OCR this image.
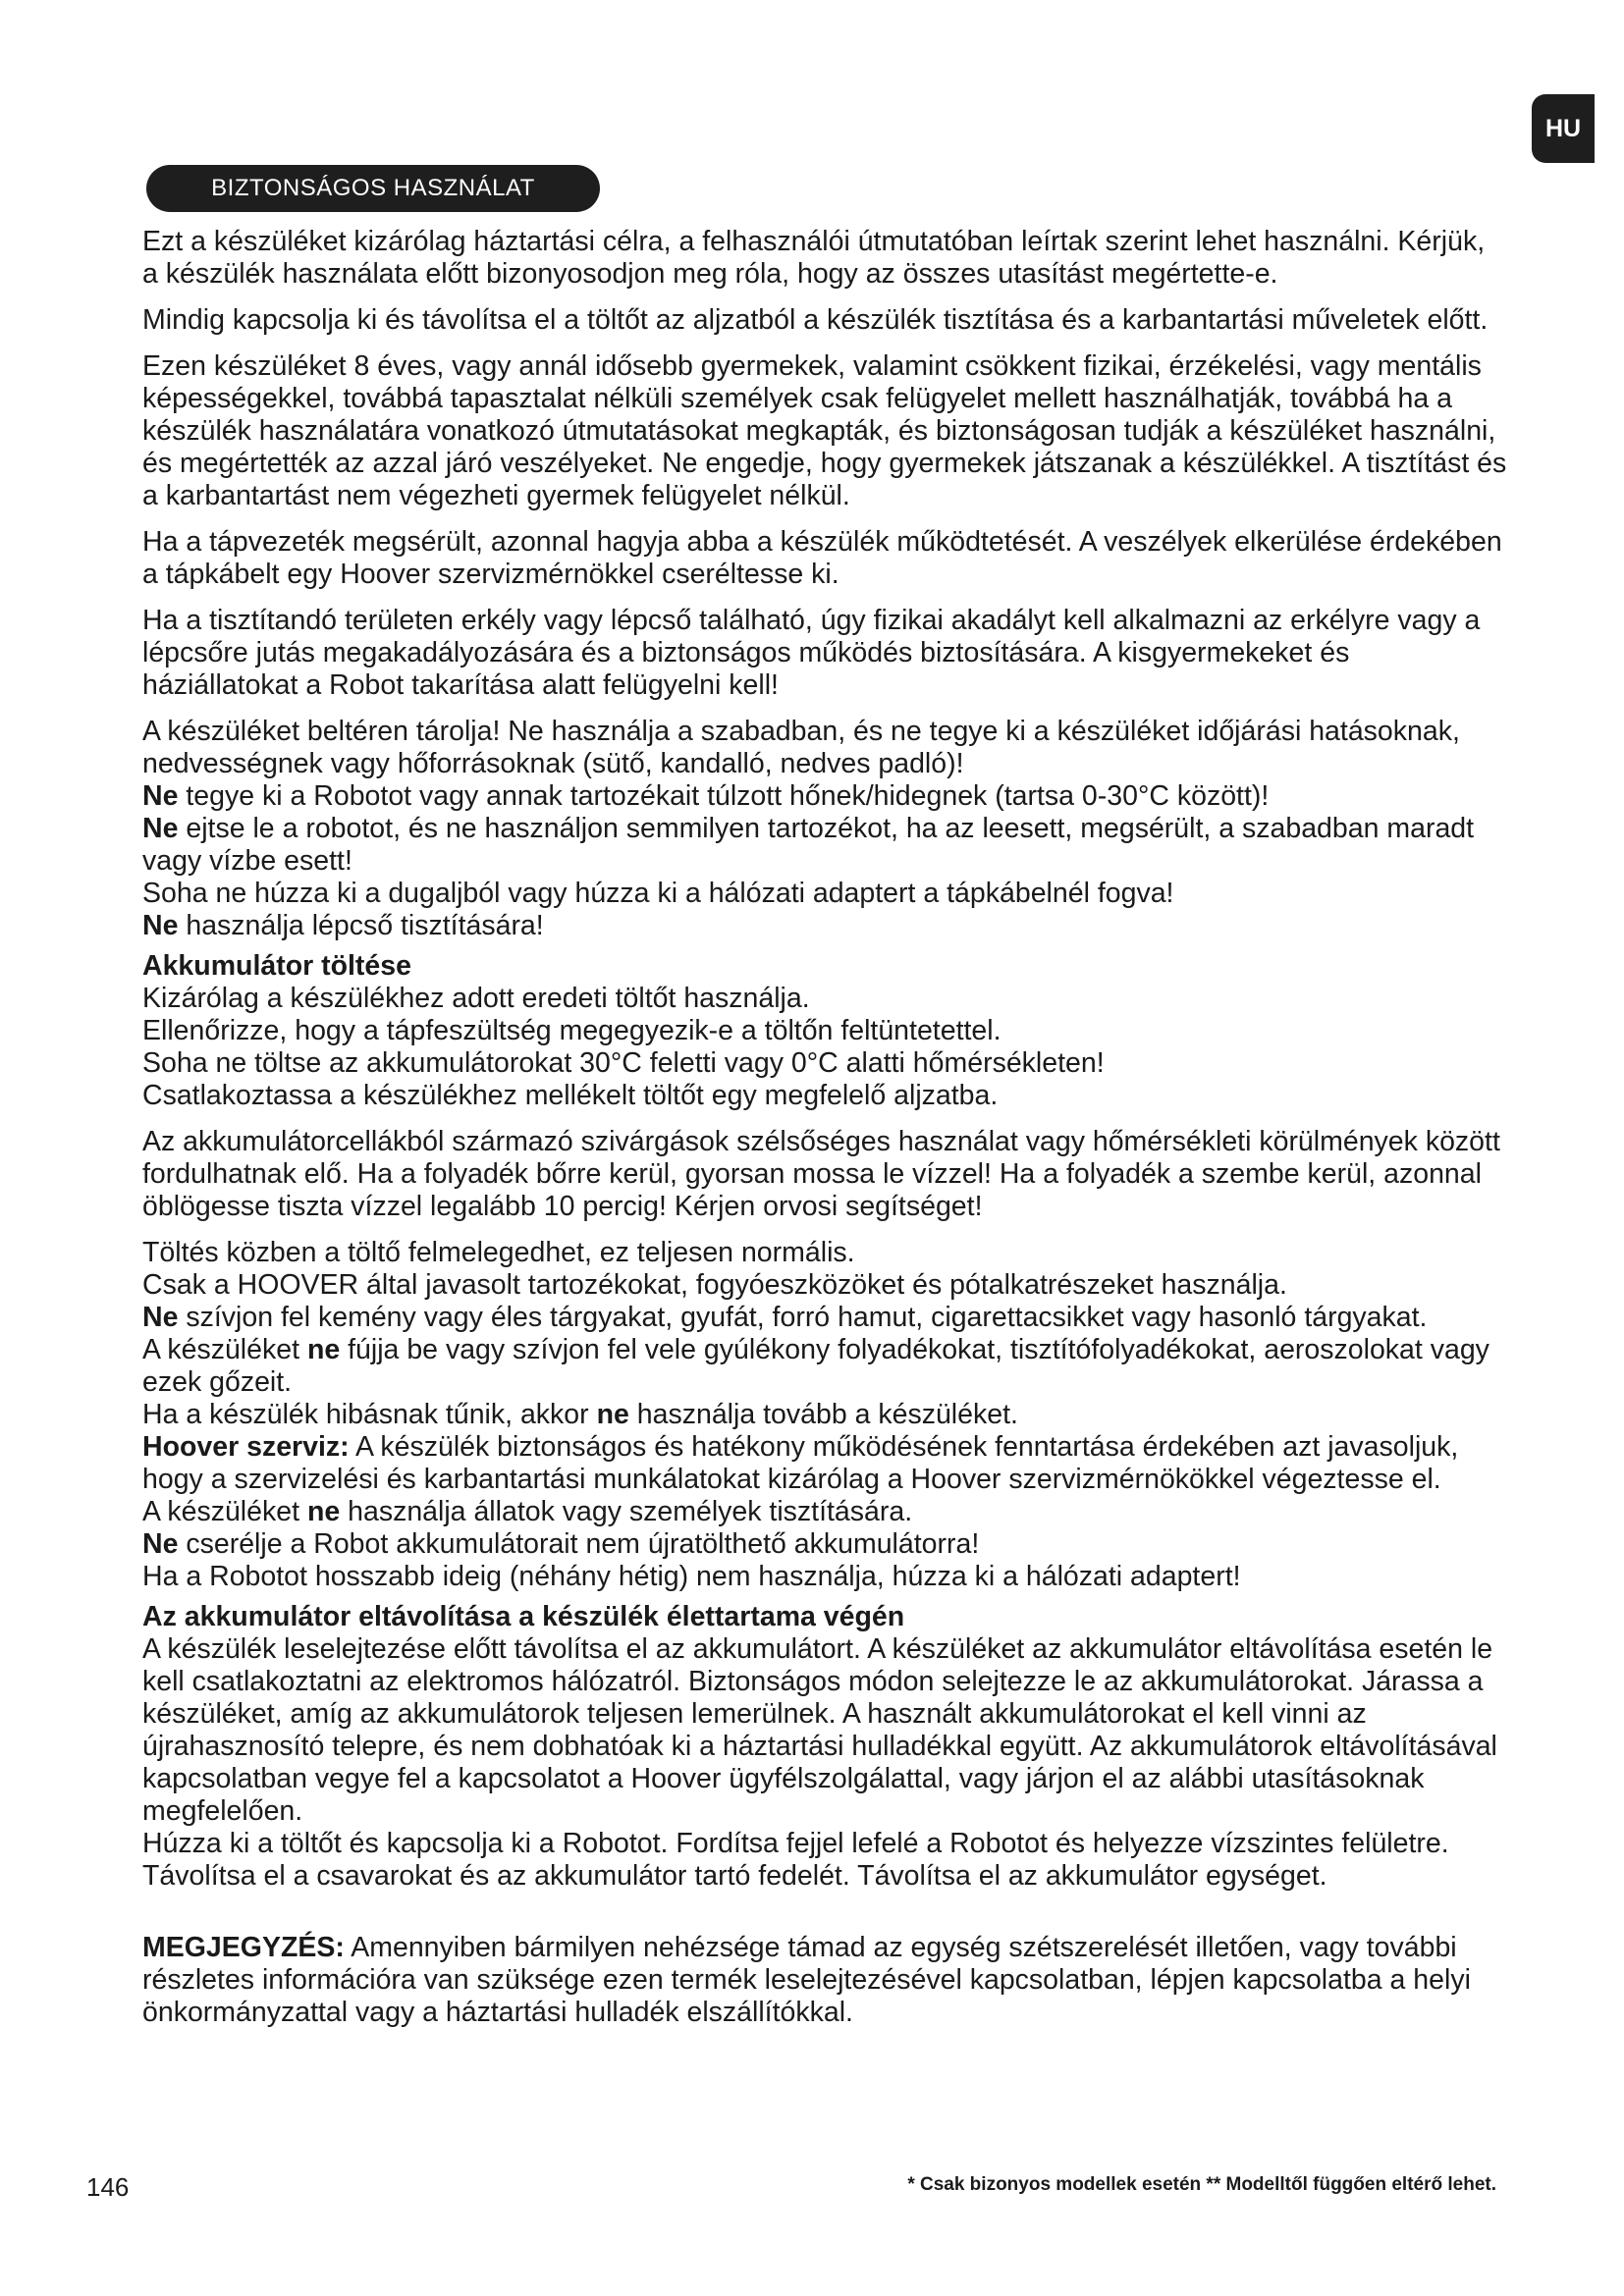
HU
BIZTONSÁGOS HASZNÁLAT

Ezt a készüléket kizárólag háztartási célra, a felhasználói útmutatóban leírtak szerint lehet használni. Kérjük, a készülék használata előtt bizonyosodjon meg róla, hogy az összes utasítást megértette-e.

Mindig kapcsolja ki és távolítsa el a töltőt az aljzatból a készülék tisztítása és a karbantartási műveletek előtt.

Ezen készüléket 8 éves, vagy annál idősebb gyermekek, valamint csökkent fizikai, érzékelési, vagy mentális képességekkel, továbbá tapasztalat nélküli személyek csak felügyelet mellett használhatják, továbbá ha a készülék használatára vonatkozó útmutatásokat megkapták, és biztonságosan tudják a készüléket használni, és megértették az azzal járó veszélyeket. Ne engedje, hogy gyermekek játszanak a készülékkel. A tisztítást és a karbantartást nem végezheti gyermek felügyelet nélkül.

Ha a tápvezeték megsérült, azonnal hagyja abba a készülék működtetését. A veszélyek elkerülése érdekében a tápkábelt egy Hoover szervizmérnökkel cseréltesse ki.

Ha a tisztítandó területen erkély vagy lépcső található, úgy fizikai akadályt kell alkalmazni az erkélyre vagy a lépcsőre jutás megakadályozására és a biztonságos működés biztosítására. A kisgyermekeket és háziállatokat a Robot takarítása alatt felügyelni kell!

A készüléket beltéren tárolja! Ne használja a szabadban, és ne tegye ki a készüléket időjárási hatásoknak, nedvességnek vagy hőforrásoknak (sütő, kandalló, nedves padló)!

Ne tegye ki a Robotot vagy annak tartozékait túlzott hőnek/hidegnek (tartsa 0-30°C között)!

Ne ejtse le a robotot, és ne használjon semmilyen tartozékot, ha az leesett, megsérült, a szabadban maradt vagy vízbe esett!

Soha ne húzza ki a dugaljból vagy húzza ki a hálózati adaptert a tápkábelnél fogva!

Ne használja lépcső tisztítására!

Akkumulátor töltése

Kizárólag a készülékhez adott eredeti töltőt használja.

Ellenőrizze, hogy a tápfeszültség megegyezik-e a töltőn feltüntetettel.

Soha ne töltse az akkumulátorokat 30°C feletti vagy 0°C alatti hőmérsékleten!

Csatlakoztassa a készülékhez mellékelt töltőt egy megfelelő aljzatba.

Az akkumulátorcellákból származó szivárgások szélsőséges használat vagy hőmérsékleti körülmények között fordulhatnak elő. Ha a folyadék bőrre kerül, gyorsan mossa le vízzel! Ha a folyadék a szembe kerül, azonnal öblögesse tiszta vízzel legalább 10 percig! Kérjen orvosi segítséget!

Töltés közben a töltő felmelegedhet, ez teljesen normális.

Csak a HOOVER által javasolt tartozékokat, fogyóeszközöket és pótalkatrészeket használja.

Ne szívjon fel kemény vagy éles tárgyakat, gyufát, forró hamut, cigarettacsikket vagy hasonló tárgyakat.

A készüléket ne fújja be vagy szívjon fel vele gyúlékony folyadékokat, tisztítófolyadékokat, aeroszolokat vagy ezek gőzeit.

Ha a készülék hibásnak tűnik, akkor ne használja tovább a készüléket.

Hoover szerviz: A készülék biztonságos és hatékony működésének fenntartása érdekében azt javasoljuk, hogy a szervizelési és karbantartási munkálatokat kizárólag a Hoover szervizmérnökökkel végeztesse el.

A készüléket ne használja állatok vagy személyek tisztítására.

Ne cserélje a Robot akkumulátorait nem újratölthető akkumulátorra!

Ha a Robotot hosszabb ideig (néhány hétig) nem használja, húzza ki a hálózati adaptert!

Az akkumulátor eltávolítása a készülék élettartama végén

A készülék leselejtezése előtt távolítsa el az akkumulátort. A készüléket az akkumulátor eltávolítása esetén le kell csatlakoztatni az elektromos hálózatról. Biztonságos módon selejtezze le az akkumulátorokat. Járassa a készüléket, amíg az akkumulátorok teljesen lemerülnek. A használt akkumulátorokat el kell vinni az újrahasznosító telepre, és nem dobhatóak ki a háztartási hulladékkal együtt. Az akkumulátorok eltávolításával kapcsolatban vegye fel a kapcsolatot a Hoover ügyfélszolgálattal, vagy járjon el az alábbi utasításoknak megfelelően.

Húzza ki a töltőt és kapcsolja ki a Robotot. Fordítsa fejjel lefelé a Robotot és helyezze vízszintes felületre. Távolítsa el a csavarokat és az akkumulátor tartó fedelét. Távolítsa el az akkumulátor egységet.

MEGJEGYZÉS: Amennyiben bármilyen nehézsége támad az egység szétszerelését illetően, vagy további részletes információra van szüksége ezen termék leselejtezésével kapcsolatban, lépjen kapcsolatba a helyi önkormányzattal vagy a háztartási hulladék elszállítókkal.

146	* Csak bizonyos modellek esetén ** Modelltől függően eltérő lehet.
